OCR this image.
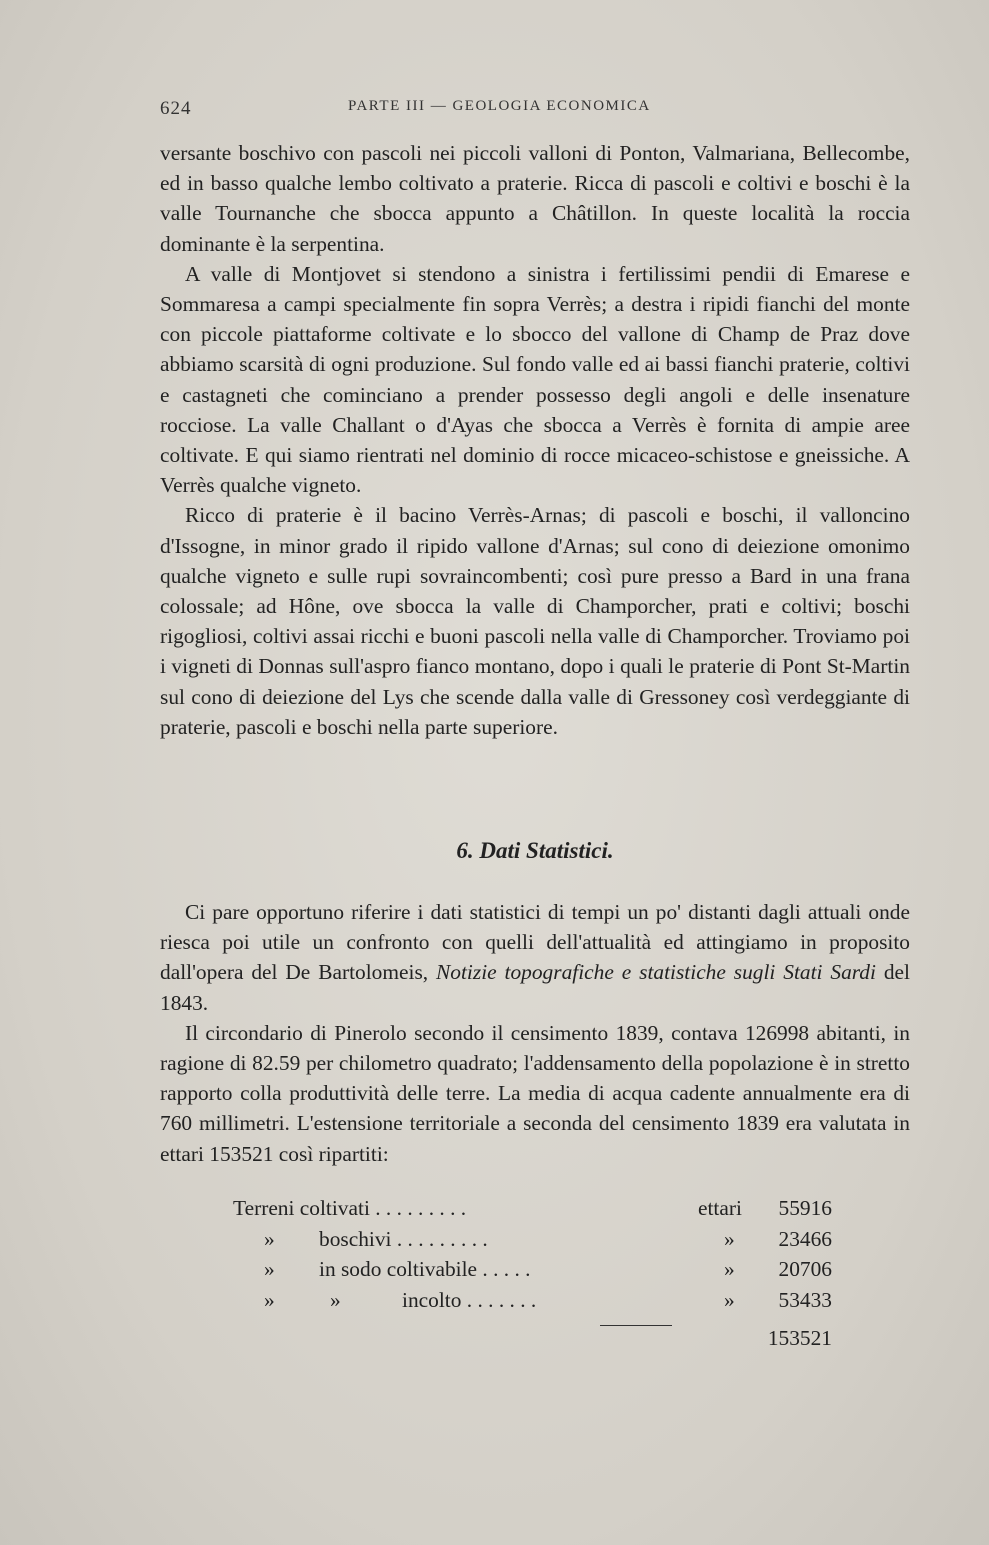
624	PARTE III — GEOLOGIA ECONOMICA

versante boschivo con pascoli nei piccoli valloni di Ponton, Valmariana, Bellecombe, ed in basso qualche lembo coltivato a praterie. Ricca di pascoli e coltivi e boschi è la valle Tournanche che sbocca appunto a Châtillon. In queste località la roccia dominante è la serpentina.

A valle di Montjovet si stendono a sinistra i fertilissimi pendii di Emarese e Sommaresa a campi specialmente fin sopra Verrès; a destra i ripidi fianchi del monte con piccole piattaforme coltivate e lo sbocco del vallone di Champ de Praz dove abbiamo scarsità di ogni produzione. Sul fondo valle ed ai bassi fianchi praterie, coltivi e castagneti che cominciano a prender possesso degli angoli e delle insenature rocciose. La valle Challant o d'Ayas che sbocca a Verrès è fornita di ampie aree coltivate. E qui siamo rientrati nel dominio di rocce micaceo-schistose e gneissiche. A Verrès qualche vigneto.

Ricco di praterie è il bacino Verrès-Arnas; di pascoli e boschi, il valloncino d'Issogne, in minor grado il ripido vallone d'Arnas; sul cono di deiezione omonimo qualche vigneto e sulle rupi sovraincombenti; così pure presso a Bard in una frana colossale; ad Hône, ove sbocca la valle di Champorcher, prati e coltivi; boschi rigogliosi, coltivi assai ricchi e buoni pascoli nella valle di Champorcher. Troviamo poi i vigneti di Donnas sull'aspro fianco montano, dopo i quali le praterie di Pont St-Martin sul cono di deiezione del Lys che scende dalla valle di Gressoney così verdeggiante di praterie, pascoli e boschi nella parte superiore.

6. Dati Statistici.

Ci pare opportuno riferire i dati statistici di tempi un po' distanti dagli attuali onde riesca poi utile un confronto con quelli dell'attualità ed attingiamo in proposito dall'opera del De Bartolomeis, Notizie topografiche e statistiche sugli Stati Sardi del 1843.

Il circondario di Pinerolo secondo il censimento 1839, contava 126998 abitanti, in ragione di 82.59 per chilometro quadrato; l'addensamento della popolazione è in stretto rapporto colla produttività delle terre. La media di acqua cadente annualmente era di 760 millimetri. L'estensione territoriale a seconda del censimento 1839 era valutata in ettari 153521 così ripartiti:

Terreni coltivati . . . . . . . . .	ettari 55916
» boschivi . . . . . . . . .	» 23466
» in sodo coltivabile . . . . .	» 20706
»	»	incolto . . . . . . .	» 53433
153521
